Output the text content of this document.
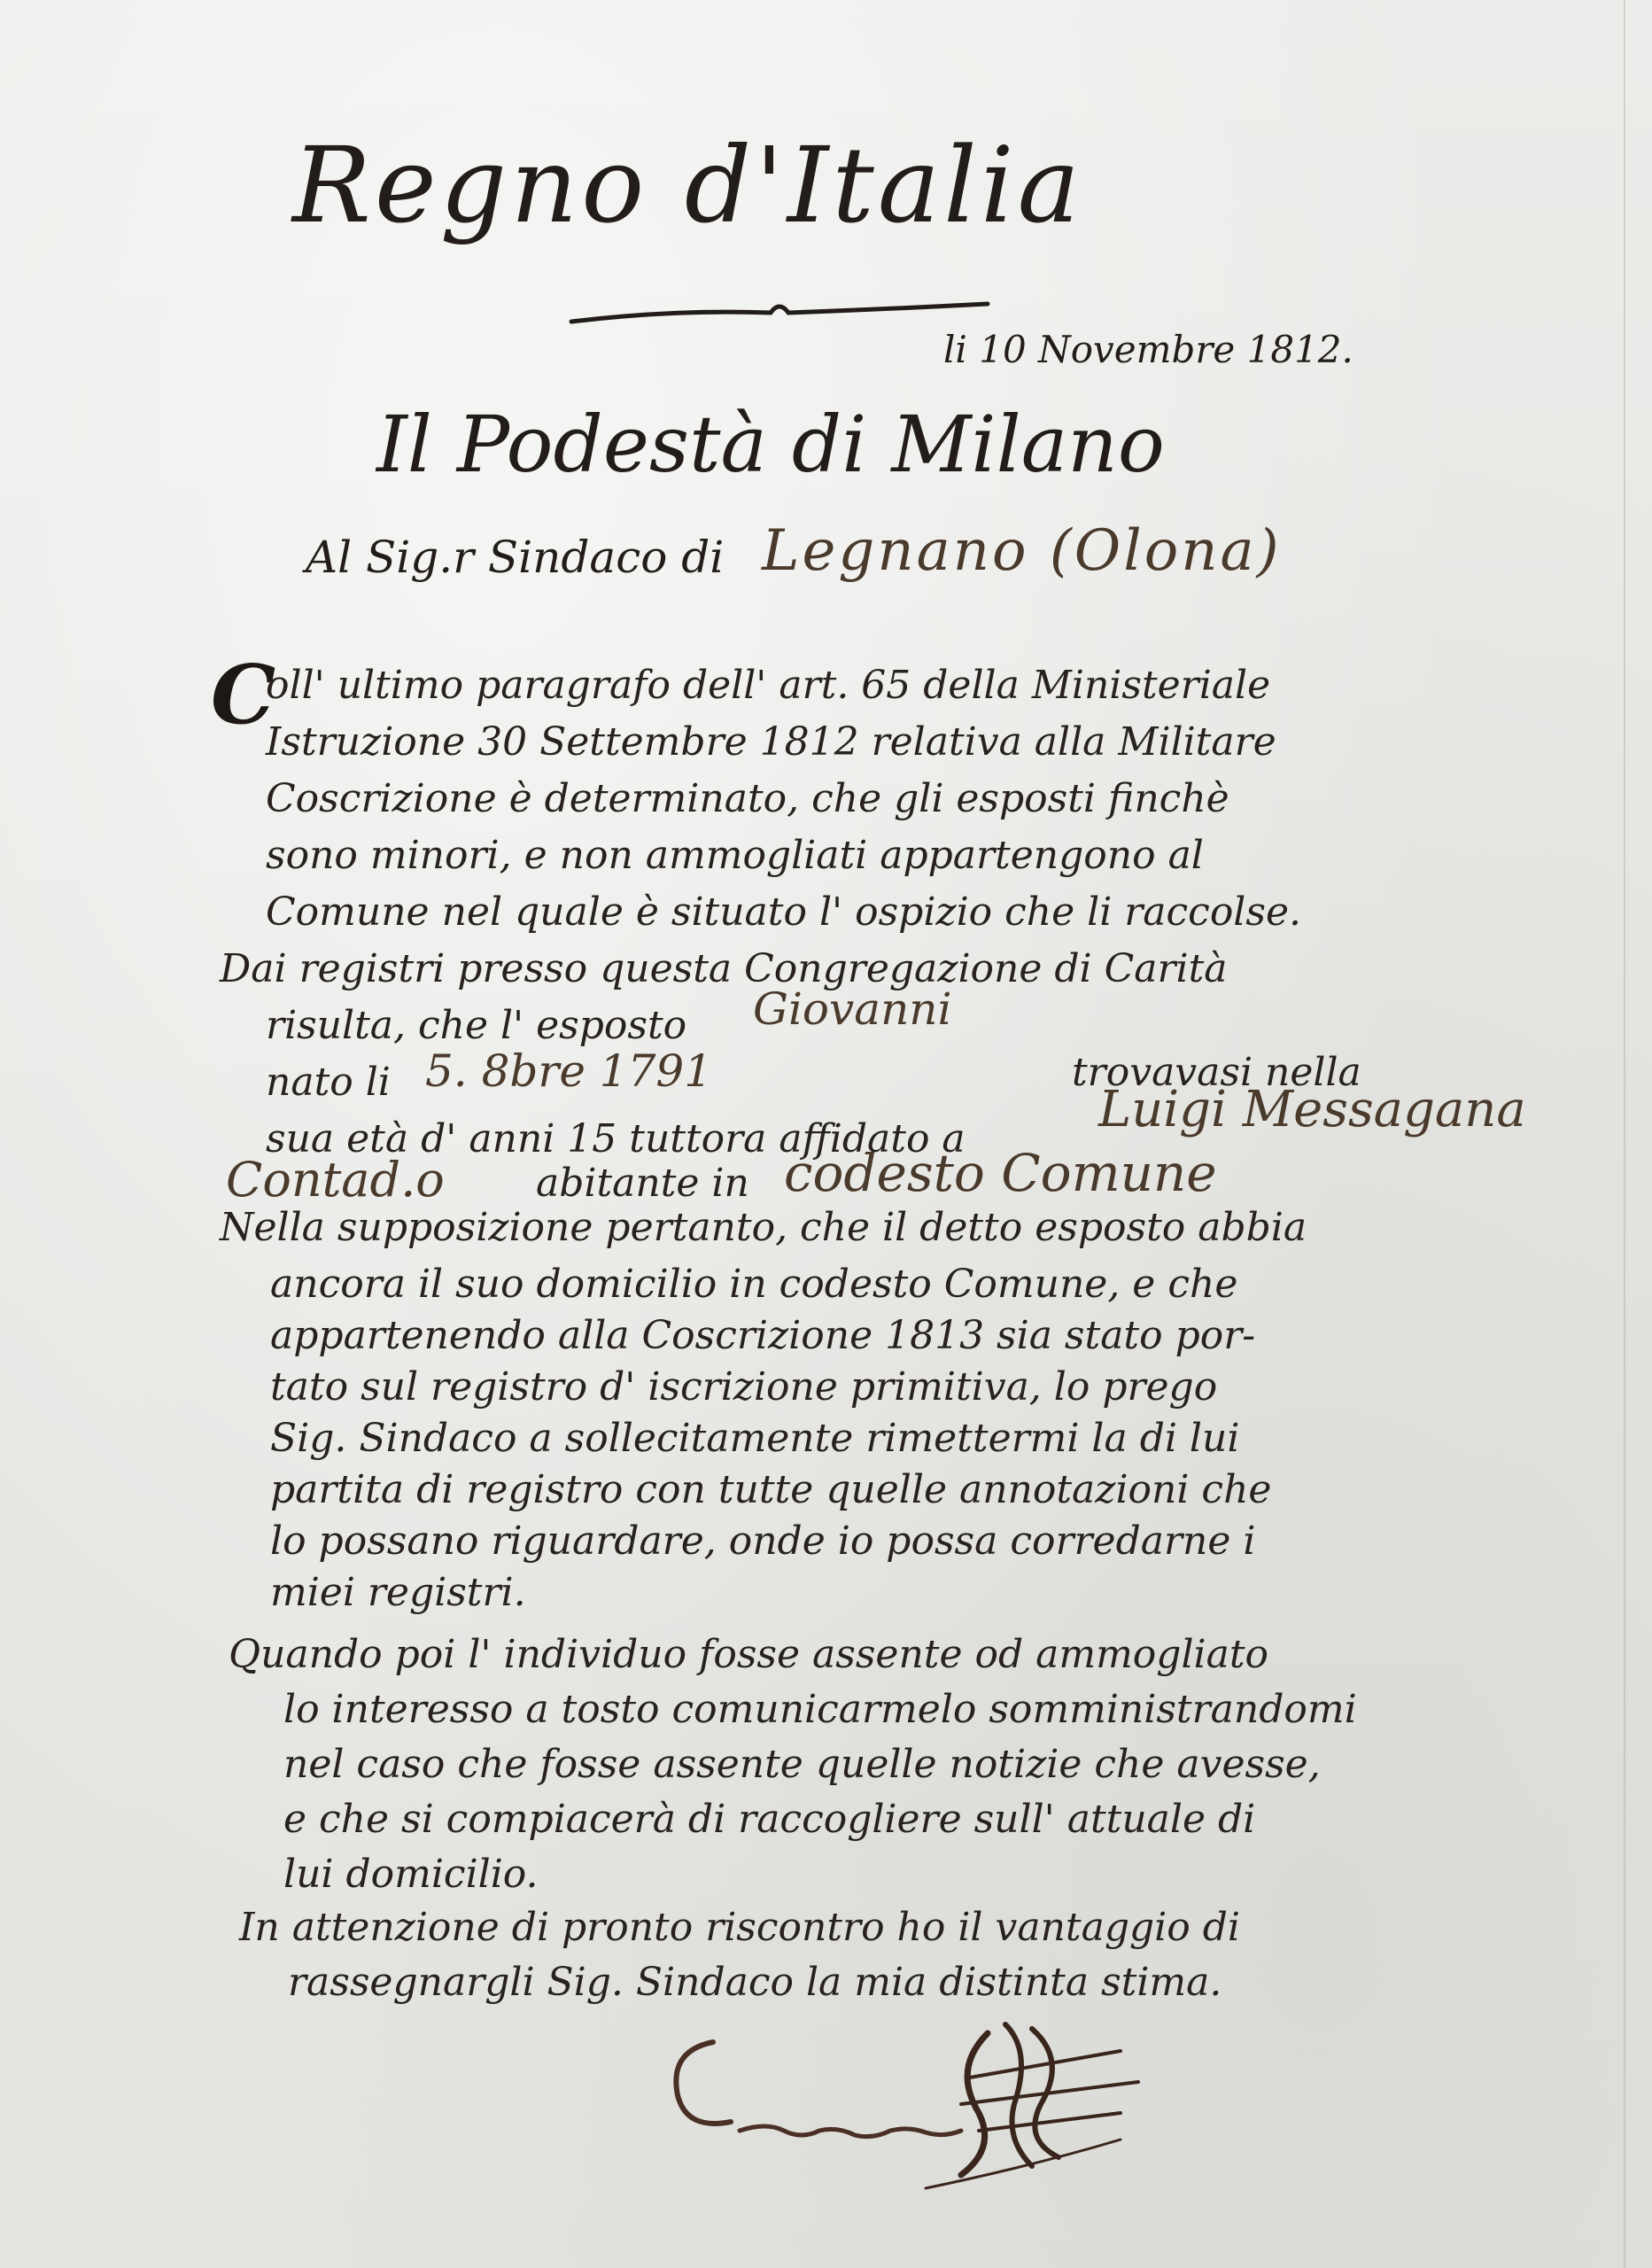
Regno d'Italia
li 10 Novembre 1812.
Il Podestà di Milano
Al Sig.r Sindaco di Legnano (Olona)
C
oll' ultimo paragrafo dell' art. 65 della Ministeriale
Istruzione 30 Settembre 1812 relativa alla Militare
Coscrizione è determinato, che gli esposti finchè
sono minori, e non ammogliati appartengono al
Comune nel quale è situato l' ospizio che li raccolse.
Dai registri presso questa Congregazione di Carità
risulta, che l' esposto Giovanni
nato li 5. 8bre 1791	trovavasi nella
sua età d' anni 15 tuttora affidato a
Luigi Messagana
Contad.o abitante in codesto Comune
Nella supposizione pertanto, che il detto esposto abbia
ancora il suo domicilio in codesto Comune, e che
appartenendo alla Coscrizione 1813 sia stato por-
tato sul registro d' iscrizione primitiva, lo prego
Sig. Sindaco a sollecitamente rimettermi la di lui
partita di registro con tutte quelle annotazioni che
lo possano riguardare, onde io possa corredarne i
miei registri.
Quando poi l' individuo fosse assente od ammogliato
lo interesso a tosto comunicarmelo somministrandomi
nel caso che fosse assente quelle notizie che avesse,
e che si compiacerà di raccogliere sull' attuale di
lui domicilio.
In attenzione di pronto riscontro ho il vantaggio di
rassegnargli Sig. Sindaco la mia distinta stima.
